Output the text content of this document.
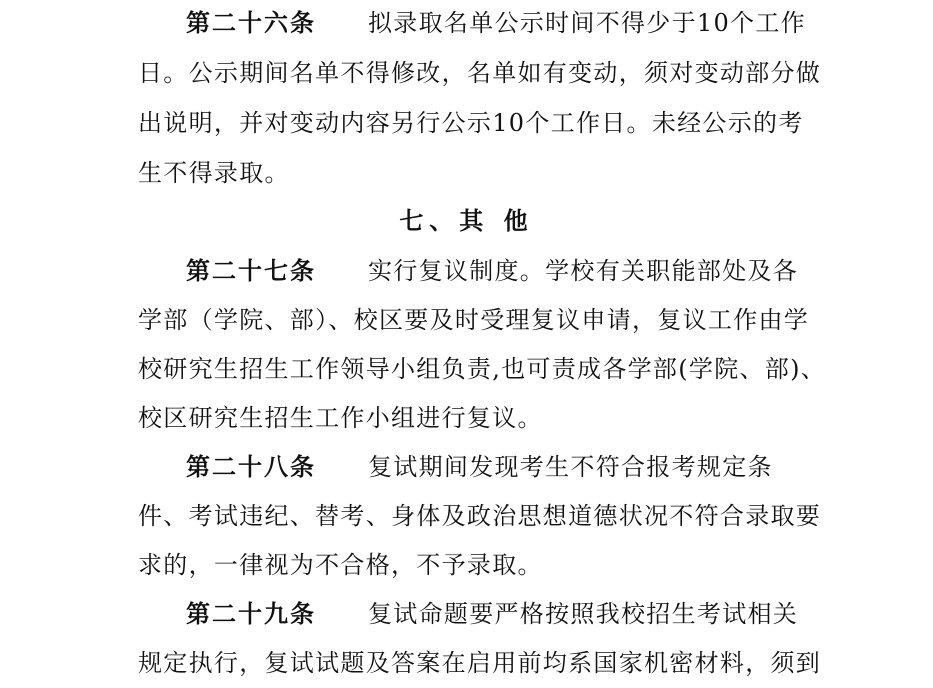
第二十六条 拟录取名单公示时间不得少于10个工作
日。公示期间名单不得修改，名单如有变动，须对变动部分做
出说明，并对变动内容另行公示10个工作日。未经公示的考
生不得录取。
七、其 他
第二十七条 实行复议制度。学校有关职能部处及各
学部（学院、部）、校区要及时受理复议申请，复议工作由学
校研究生招生工作领导小组负责,也可责成各学部(学院、部)、
校区研究生招生工作小组进行复议。
第二十八条 复试期间发现考生不符合报考规定条
件、考试违纪、替考、身体及政治思想道德状况不符合录取要
求的，一律视为不合格，不予录取。
第二十九条 复试命题要严格按照我校招生考试相关
规定执行，复试试题及答案在启用前均系国家机密材料，须到
